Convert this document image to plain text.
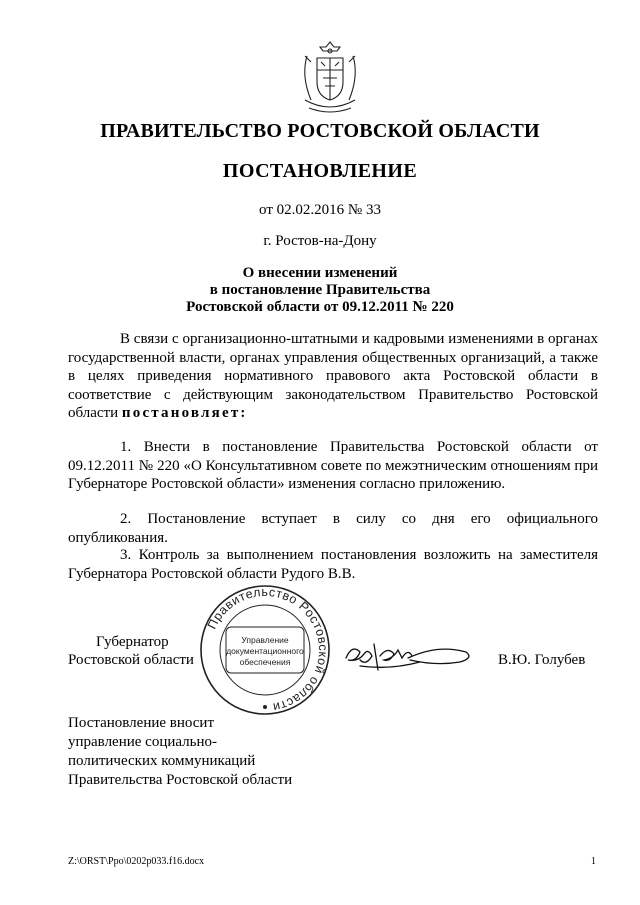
ПРАВИТЕЛЬСТВО РОСТОВСКОЙ ОБЛАСТИ
ПОСТАНОВЛЕНИЕ
от 02.02.2016 № 33
г. Ростов-на-Дону
О внесении изменений
в постановление Правительства
Ростовской области от 09.12.2011 № 220
В связи с организационно-штатными и кадровыми изменениями в органах государственной власти, органах управления общественных организаций, а также в целях приведения нормативного правового акта Ростовской области в соответствие с действующим законодательством Правительство Ростовской области постановляет:
1. Внести в постановление Правительства Ростовской области от 09.12.2011 № 220 «О Консультативном совете по межэтническим отношениям при Губернаторе Ростовской области» изменения согласно приложению.
2. Постановление вступает в силу со дня его официального опубликования.
3. Контроль за выполнением постановления возложить на заместителя Губернатора Ростовской области Рудого В.В.
Губернатор
Ростовской области
Правительство Ростовской области
Управление
документационного
обеспечения	В.Ю. Голубев
Постановление вносит
управление социально-
политических коммуникаций
Правительства Ростовской области
Z:\ORST\Ppo\0202p033.f16.docx	1
